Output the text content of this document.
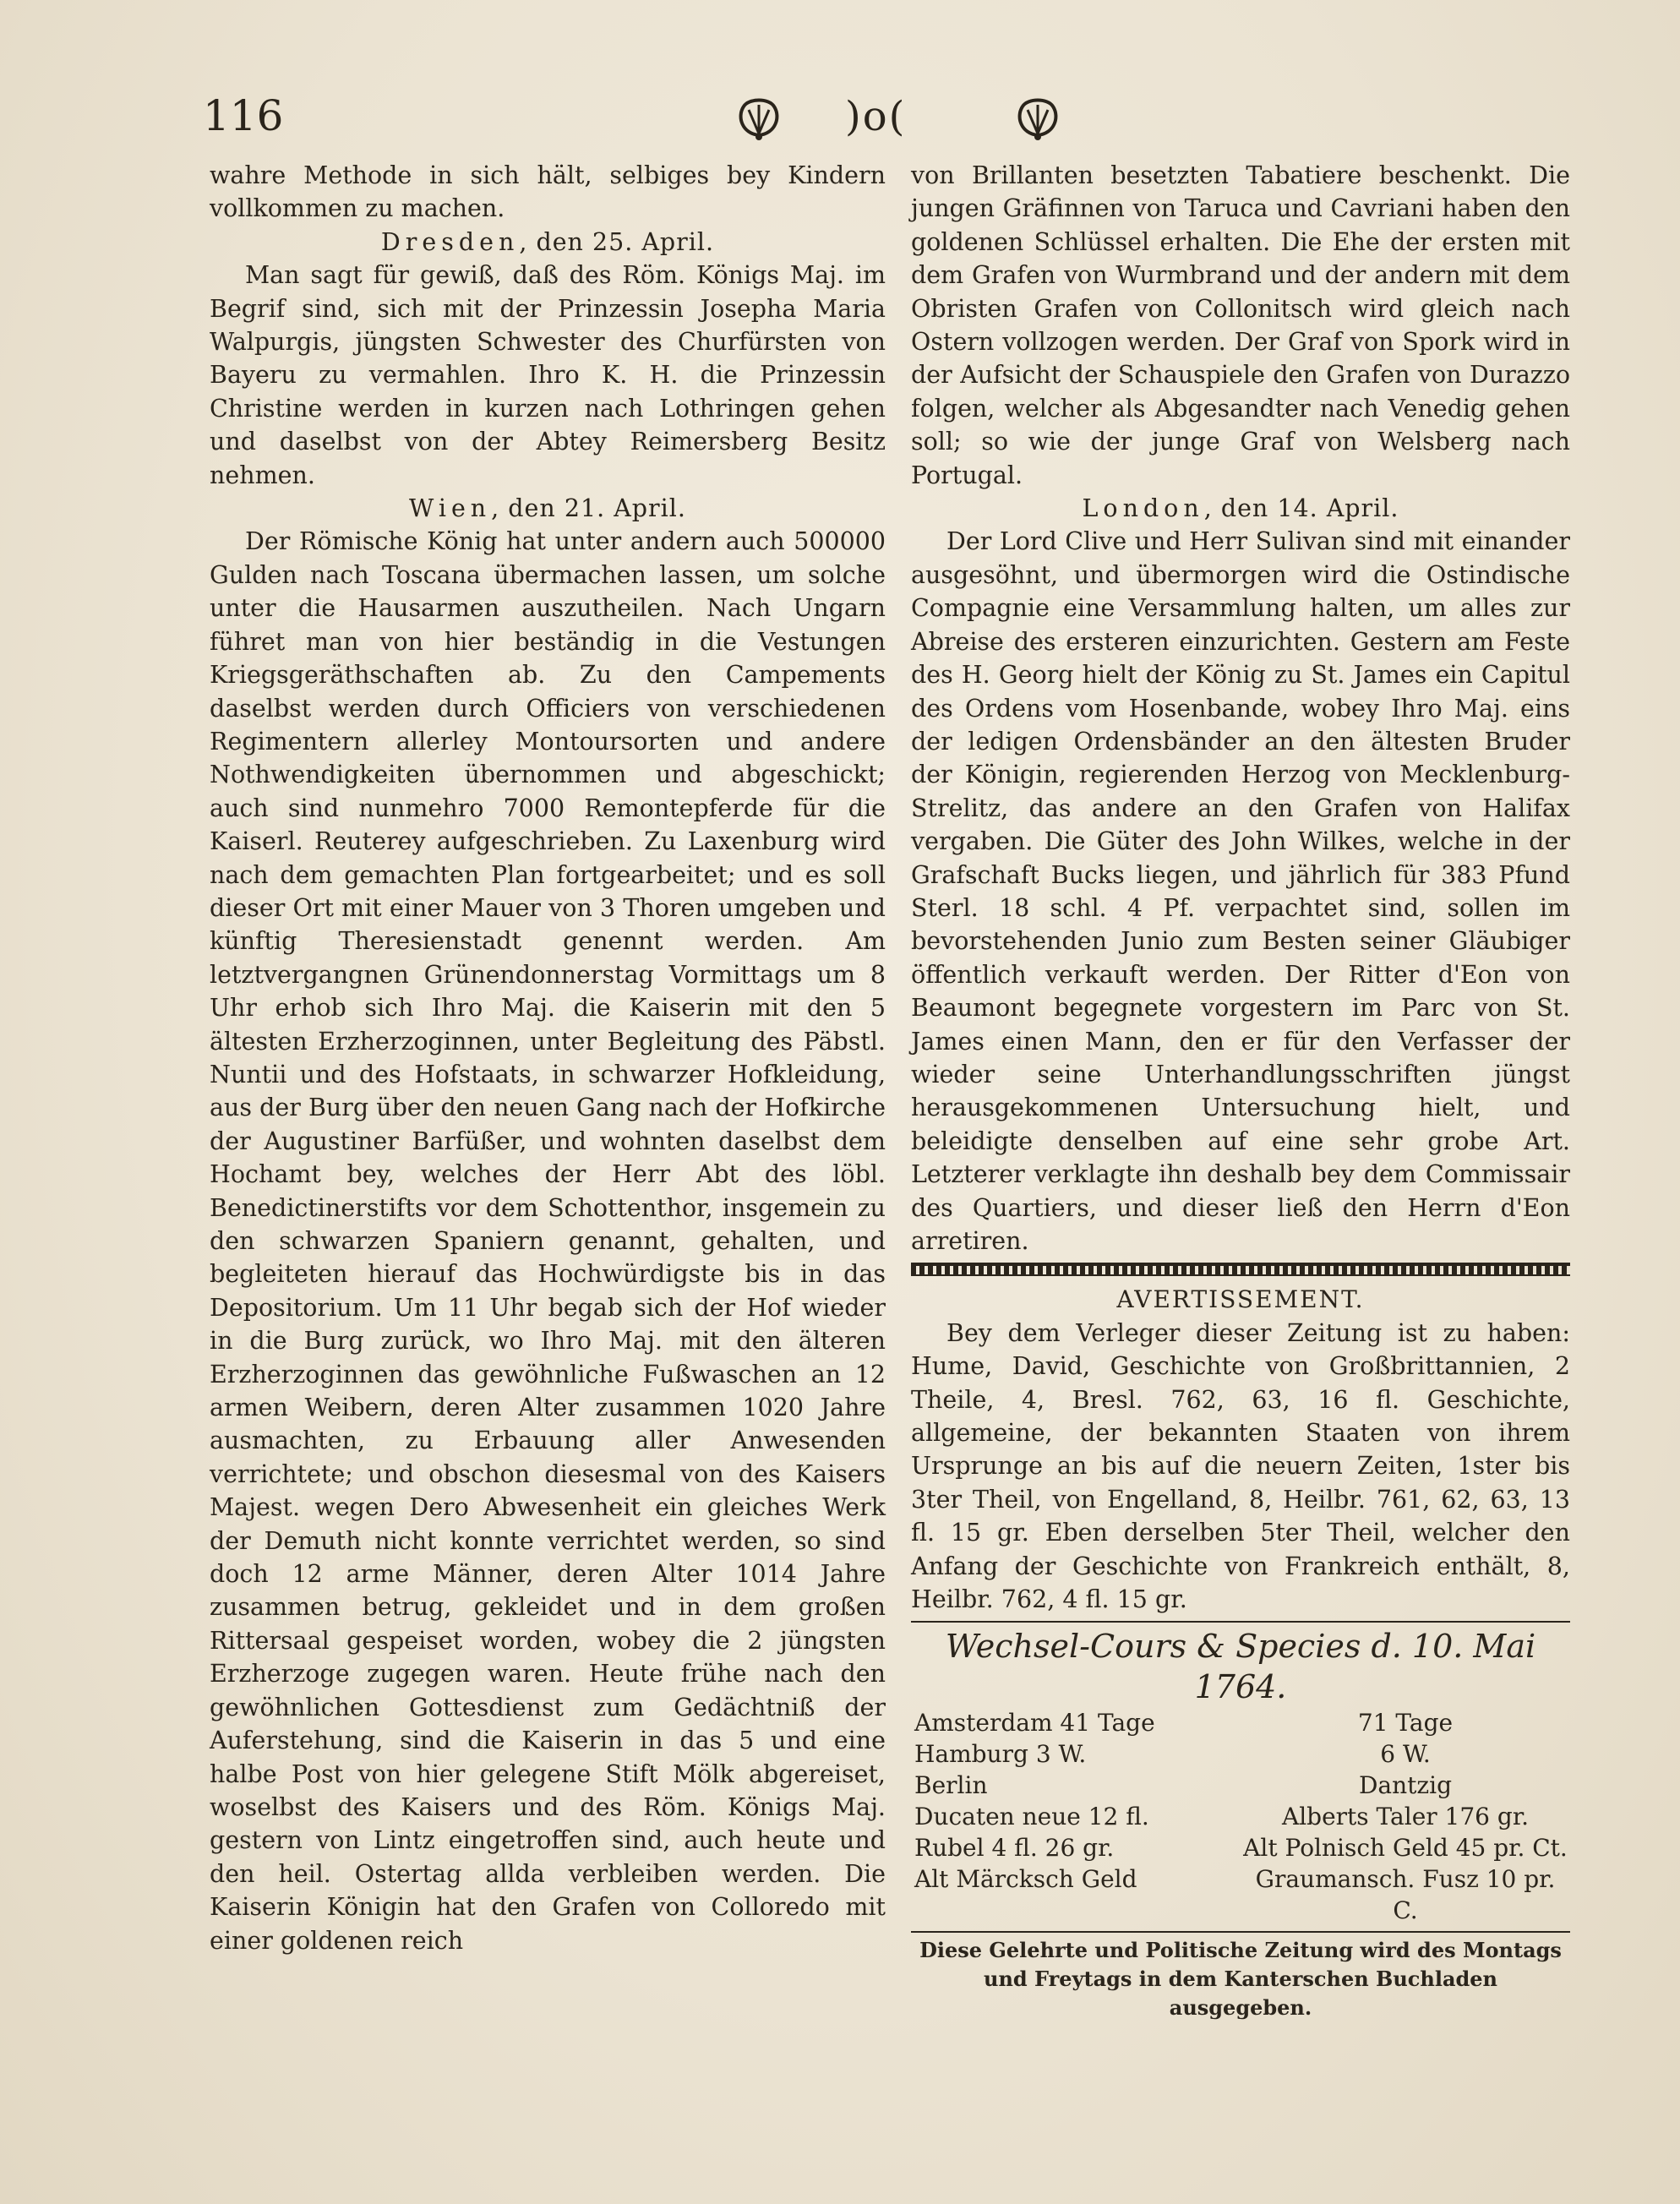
116	)o(

wahre Methode in sich hält, selbiges bey Kindern vollkommen zu machen.

Dresden, den 25. April.

Man sagt für gewiß, daß des Röm. Königs Maj. im Begrif sind, sich mit der Prinzessin Josepha Maria Walpurgis, jüngsten Schwester des Churfürsten von Bayeru zu vermahlen. Ihro K. H. die Prinzessin Christine werden in kurzen nach Lothringen gehen und daselbst von der Abtey Reimersberg Besitz nehmen.

Wien, den 21. April.

Der Römische König hat unter andern auch 500000 Gulden nach Toscana übermachen lassen, um solche unter die Hausarmen auszutheilen. Nach Ungarn führet man von hier beständig in die Vestungen Kriegsgeräthschaften ab. Zu den Campements daselbst werden durch Officiers von verschiedenen Regimentern allerley Montoursorten und andere Nothwendigkeiten übernommen und abgeschickt; auch sind nunmehro 7000 Remontepferde für die Kaiserl. Reuterey aufgeschrieben. Zu Laxenburg wird nach dem gemachten Plan fortgearbeitet; und es soll dieser Ort mit einer Mauer von 3 Thoren umgeben und künftig Theresienstadt genennt werden. Am letztvergangnen Grünendonnerstag Vormittags um 8 Uhr erhob sich Ihro Maj. die Kaiserin mit den 5 ältesten Erzherzoginnen, unter Begleitung des Päbstl. Nuntii und des Hofstaats, in schwarzer Hofkleidung, aus der Burg über den neuen Gang nach der Hofkirche der Augustiner Barfüßer, und wohnten daselbst dem Hochamt bey, welches der Herr Abt des löbl. Benedictinerstifts vor dem Schottenthor, insgemein zu den schwarzen Spaniern genannt, gehalten, und begleiteten hierauf das Hochwürdigste bis in das Depositorium. Um 11 Uhr begab sich der Hof wieder in die Burg zurück, wo Ihro Maj. mit den älteren Erzherzoginnen das gewöhnliche Fußwaschen an 12 armen Weibern, deren Alter zusammen 1020 Jahre ausmachten, zu Erbauung aller Anwesenden verrichtete; und obschon diesesmal von des Kaisers Majest. wegen Dero Abwesenheit ein gleiches Werk der Demuth nicht konnte verrichtet werden, so sind doch 12 arme Männer, deren Alter 1014 Jahre zusammen betrug, gekleidet und in dem großen Rittersaal gespeiset worden, wobey die 2 jüngsten Erzherzoge zugegen waren. Heute frühe nach den gewöhnlichen Gottesdienst zum Gedächtniß der Auferstehung, sind die Kaiserin in das 5 und eine halbe Post von hier gelegene Stift Mölk abgereiset, woselbst des Kaisers und des Röm. Königs Maj. gestern von Lintz eingetroffen sind, auch heute und den heil. Ostertag allda verbleiben werden. Die Kaiserin Königin hat den Grafen von Colloredo mit einer goldenen reich

von Brillanten besetzten Tabatiere beschenkt. Die jungen Gräfinnen von Taruca und Cavriani haben den goldenen Schlüssel erhalten. Die Ehe der ersten mit dem Grafen von Wurmbrand und der andern mit dem Obristen Grafen von Collonitsch wird gleich nach Ostern vollzogen werden. Der Graf von Spork wird in der Aufsicht der Schauspiele den Grafen von Durazzo folgen, welcher als Abgesandter nach Venedig gehen soll; so wie der junge Graf von Welsberg nach Portugal.

London, den 14. April.

Der Lord Clive und Herr Sulivan sind mit einander ausgesöhnt, und übermorgen wird die Ostindische Compagnie eine Versammlung halten, um alles zur Abreise des ersteren einzurichten. Gestern am Feste des H. Georg hielt der König zu St. James ein Capitul des Ordens vom Hosenbande, wobey Ihro Maj. eins der ledigen Ordensbänder an den ältesten Bruder der Königin, regierenden Herzog von Mecklenburg-Strelitz, das andere an den Grafen von Halifax vergaben. Die Güter des John Wilkes, welche in der Grafschaft Bucks liegen, und jährlich für 383 Pfund Sterl. 18 schl. 4 Pf. verpachtet sind, sollen im bevorstehenden Junio zum Besten seiner Gläubiger öffentlich verkauft werden. Der Ritter d'Eon von Beaumont begegnete vorgestern im Parc von St. James einen Mann, den er für den Verfasser der wieder seine Unterhandlungsschriften jüngst herausgekommenen Untersuchung hielt, und beleidigte denselben auf eine sehr grobe Art. Letzterer verklagte ihn deshalb bey dem Commissair des Quartiers, und dieser ließ den Herrn d'Eon arretiren.

AVERTISSEMENT.

Bey dem Verleger dieser Zeitung ist zu haben: Hume, David, Geschichte von Großbrittannien, 2 Theile, 4, Bresl. 762, 63, 16 fl. Geschichte, allgemeine, der bekannten Staaten von ihrem Ursprunge an bis auf die neuern Zeiten, 1ster bis 3ter Theil, von Engelland, 8, Heilbr. 761, 62, 63, 13 fl. 15 gr. Eben derselben 5ter Theil, welcher den Anfang der Geschichte von Frankreich enthält, 8, Heilbr. 762, 4 fl. 15 gr.

Wechsel-Cours & Species d. 10. Mai 1764.

Amsterdam 41 Tage	71 Tage
Hamburg 3 W.	6 W.
Berlin	Dantzig
Ducaten neue 12 fl.	Alberts Taler 176 gr.
Rubel 4 fl. 26 gr.	Alt Polnisch Geld 45 pr. Ct.
Alt Märcksch Geld	Graumansch. Fusz 10 pr. C.

Diese Gelehrte und Politische Zeitung wird des Montags und Freytags in dem Kanterschen Buchladen ausgegeben.
